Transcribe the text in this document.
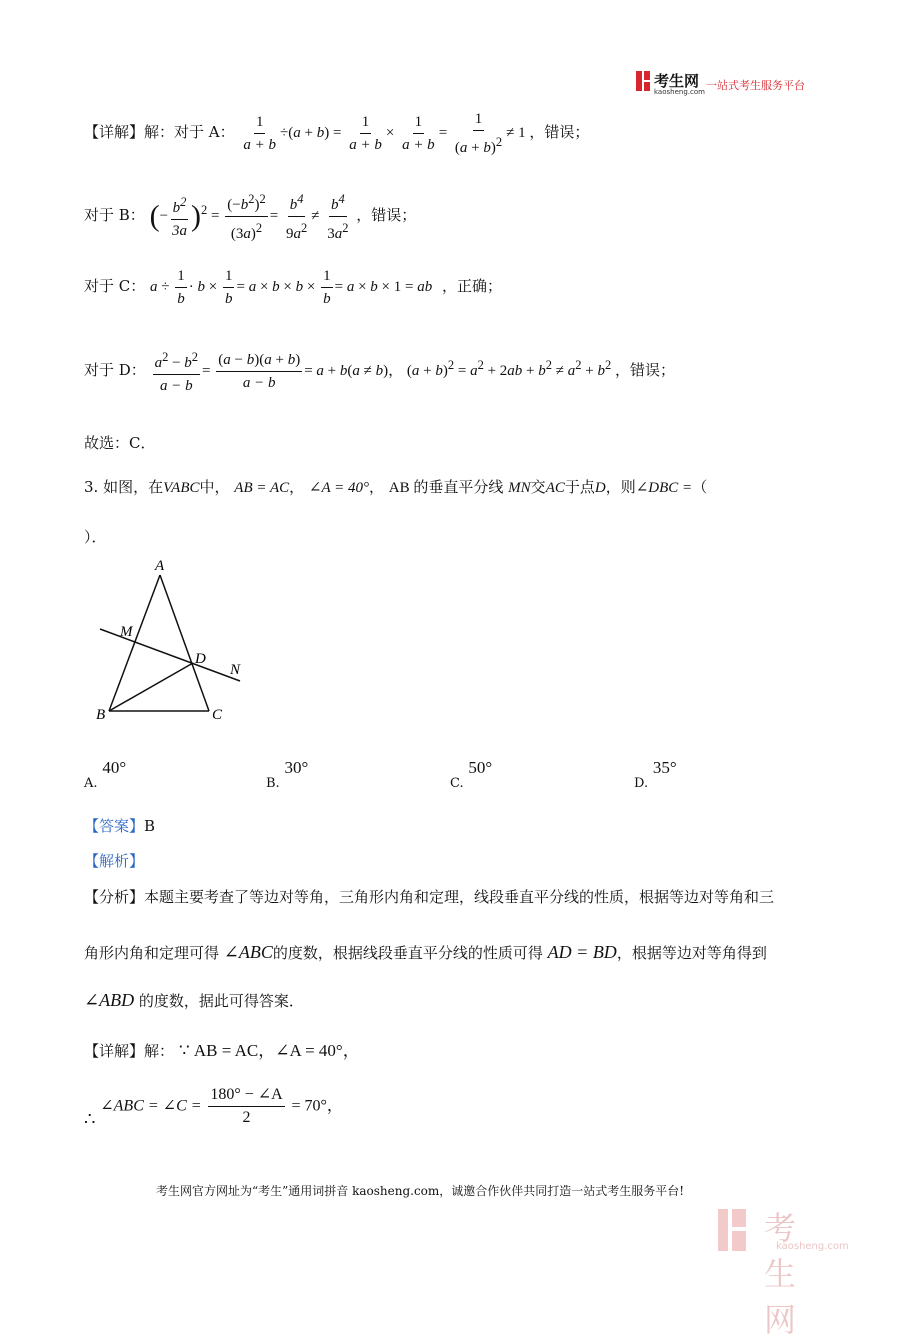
考生网
kaosheng.com 一站式考生服务平台
【详解】解：对于 A： $\frac{1}{a + b} \div(a + b) = \frac{1}{a + b} \times \frac{1}{a + b} = \frac{1}{(a + b)^2} \ne 1$ ，错误；
对于 B： (− $\frac{b^2}{3a} )^2 = \frac{(-b^2)^2}{(3a)^2} = \frac{b^4}{9a^2} \ne \frac{b^4}{3a^2}$ ，错误；
对于 C： $a \div \frac{1}{b} \cdot b \times \frac{1}{b} = a \times b \times b \times \frac{1}{b} = a \times b \times 1$ = ab ，正确；
对于 D： $\frac{a^2 - b^2}{a - b} = \frac{(a - b)(a + b)}{a - b} = a + b(a \ne b)$， $(a + b)^2 = a^2 + 2ab + b^2 \ne a^2 + b^2$ ，错误；
故选：C．
3. 如图，在VABC中， AB = AC， ∠A = 40°， AB 的垂直平分线 MN交AC于点D，则∠DBC =（
）．
A
B	C
D
M
N
A. 40°
B. 30°
C. 50°
D. 35°
【答案】B
【解析】
【分析】本题主要考查了等边对等角，三角形内角和定理，线段垂直平分线的性质，根据等边对等角和三
角形内角和定理可得 ∠ABC的度数，根据线段垂直平分线的性质可得 AD = BD，根据等边对等角得到
∠ABD 的度数，据此可得答案．
【详解】解： ∵ AB = AC，∠A = 40°，
∴ ∠ABC = ∠C = $\frac{180^\circ - \angle A}{2} = 70^\circ$，
考生网官方网址为“考生”通用词拼音 kaosheng.com，诚邀合作伙伴共同打造一站式考生服务平台!
考生网
kaosheng.com
